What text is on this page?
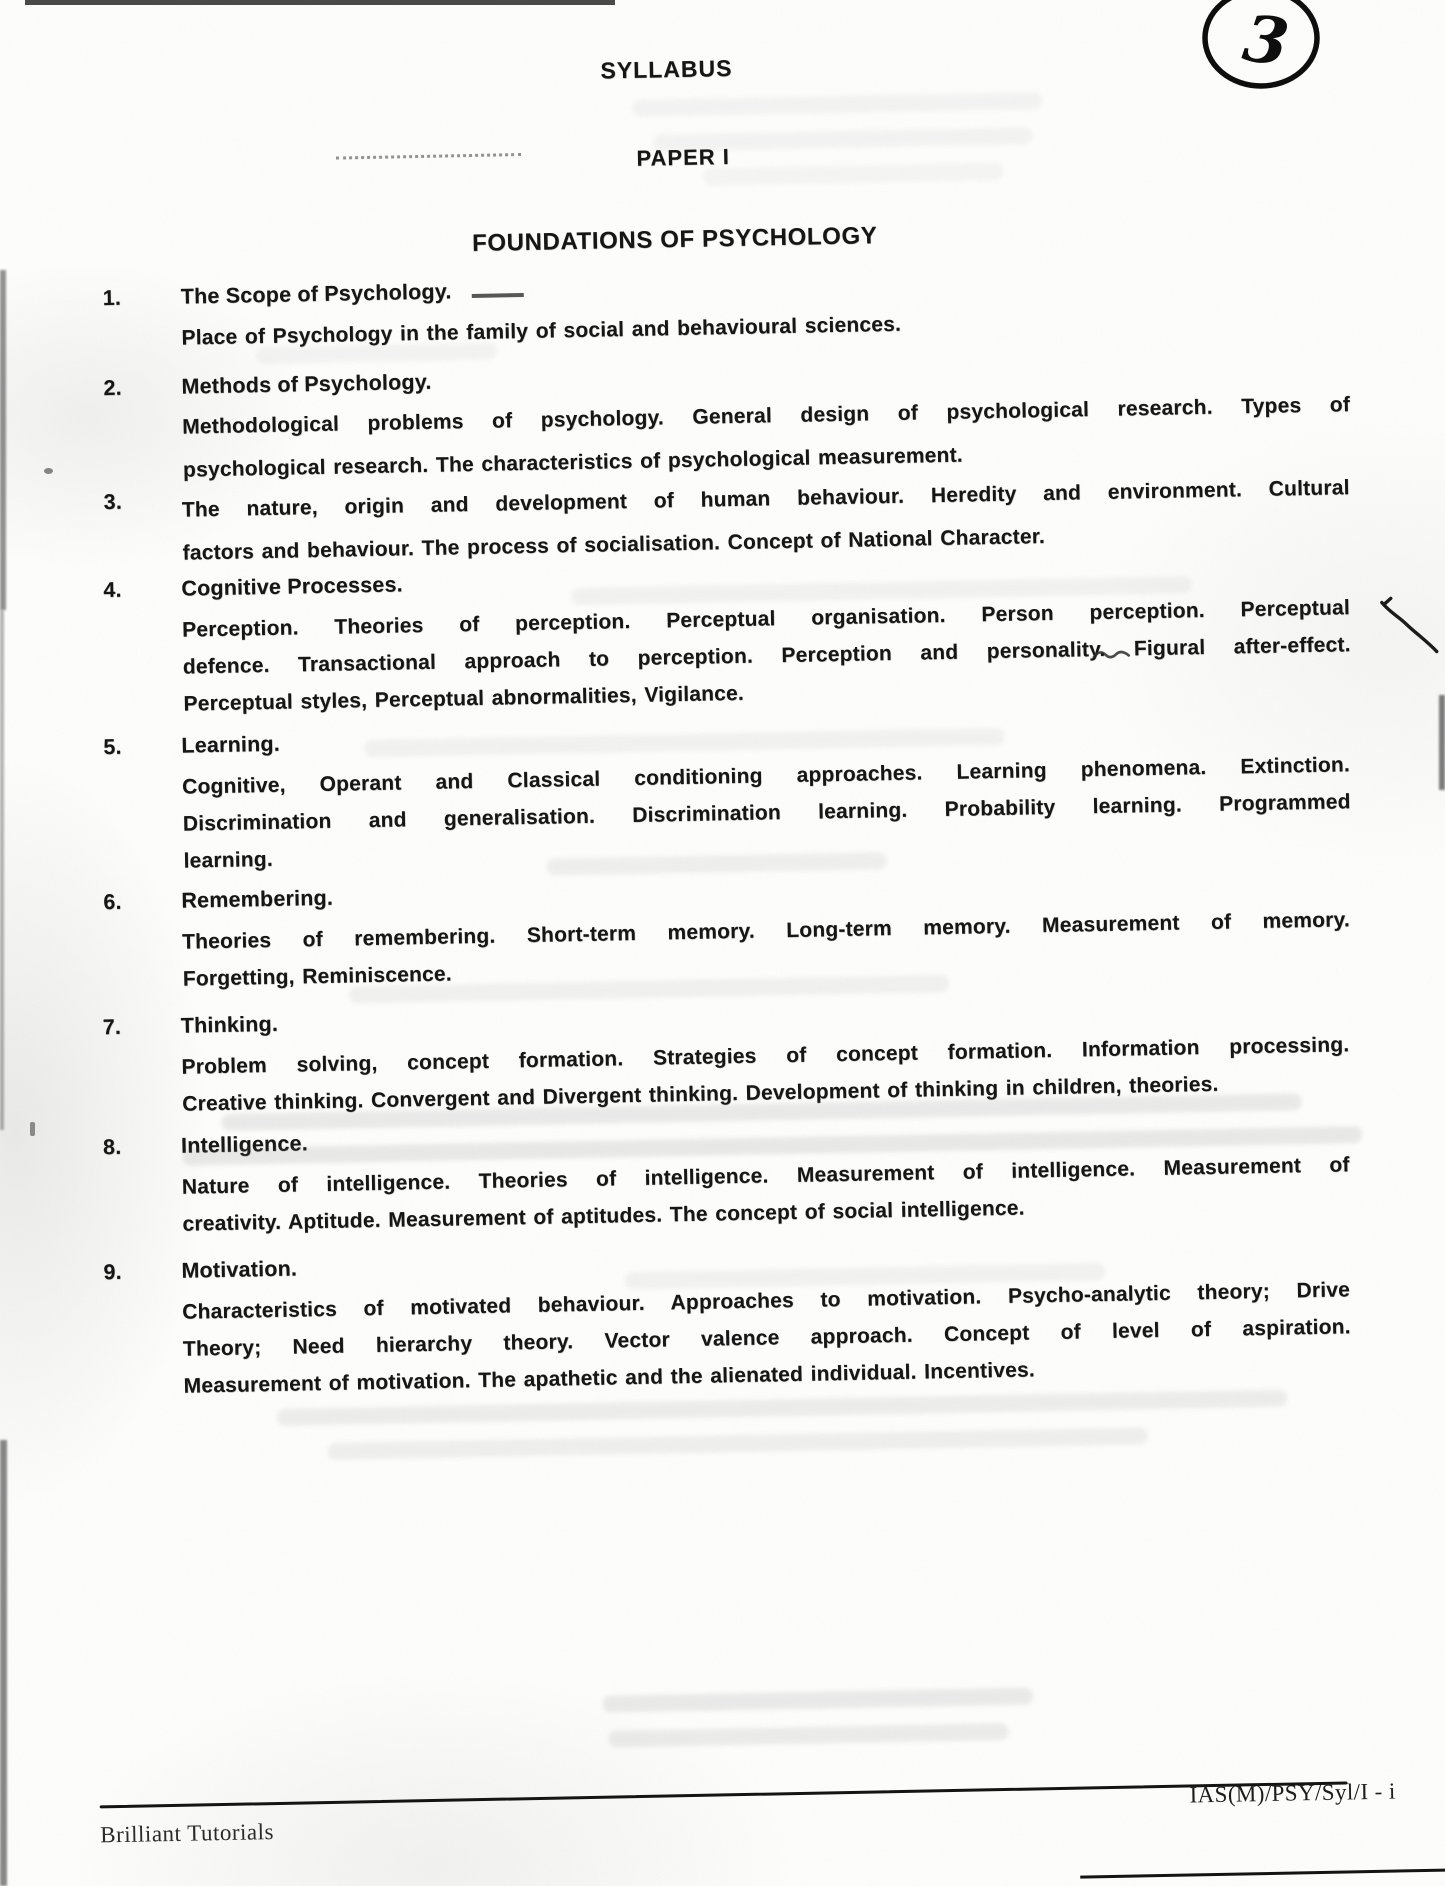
SYLLABUS
PAPER I
FOUNDATIONS OF PSYCHOLOGY
1.	The Scope of Psychology.
Place of Psychology in the family of social and behavioural sciences.
2.	Methods of Psychology.
Methodological problems of psychology. General design of psychological research. Types of
psychological research. The characteristics of psychological measurement.
3.	The nature, origin and development of human behaviour. Heredity and environment. Cultural
factors and behaviour. The process of socialisation. Concept of National Character.
4.	Cognitive Processes.
Perception. Theories of perception. Perceptual organisation. Person perception. Perceptual
defence. Transactional approach to perception. Perception and personality. Figural after-effect.
Perceptual styles, Perceptual abnormalities, Vigilance.
5.	Learning.
Cognitive, Operant and Classical conditioning approaches. Learning phenomena. Extinction.
Discrimination and generalisation. Discrimination learning. Probability learning. Programmed
learning.
6.	Remembering.
Theories of remembering. Short-term memory. Long-term memory. Measurement of memory.
Forgetting, Reminiscence.
7.	Thinking.
Problem solving, concept formation. Strategies of concept formation. Information processing.
Creative thinking. Convergent and Divergent thinking. Development of thinking in children, theories.
8.	Intelligence.
Nature of intelligence. Theories of intelligence. Measurement of intelligence. Measurement of
creativity. Aptitude. Measurement of aptitudes. The concept of social intelligence.
9.	Motivation.
Characteristics of motivated behaviour. Approaches to motivation. Psycho-analytic theory; Drive
Theory; Need hierarchy theory. Vector valence approach. Concept of level of aspiration.
Measurement of motivation. The apathetic and the alienated individual. Incentives.
Brilliant Tutorials
IAS(M)/PSY/Syl/I - i
3
